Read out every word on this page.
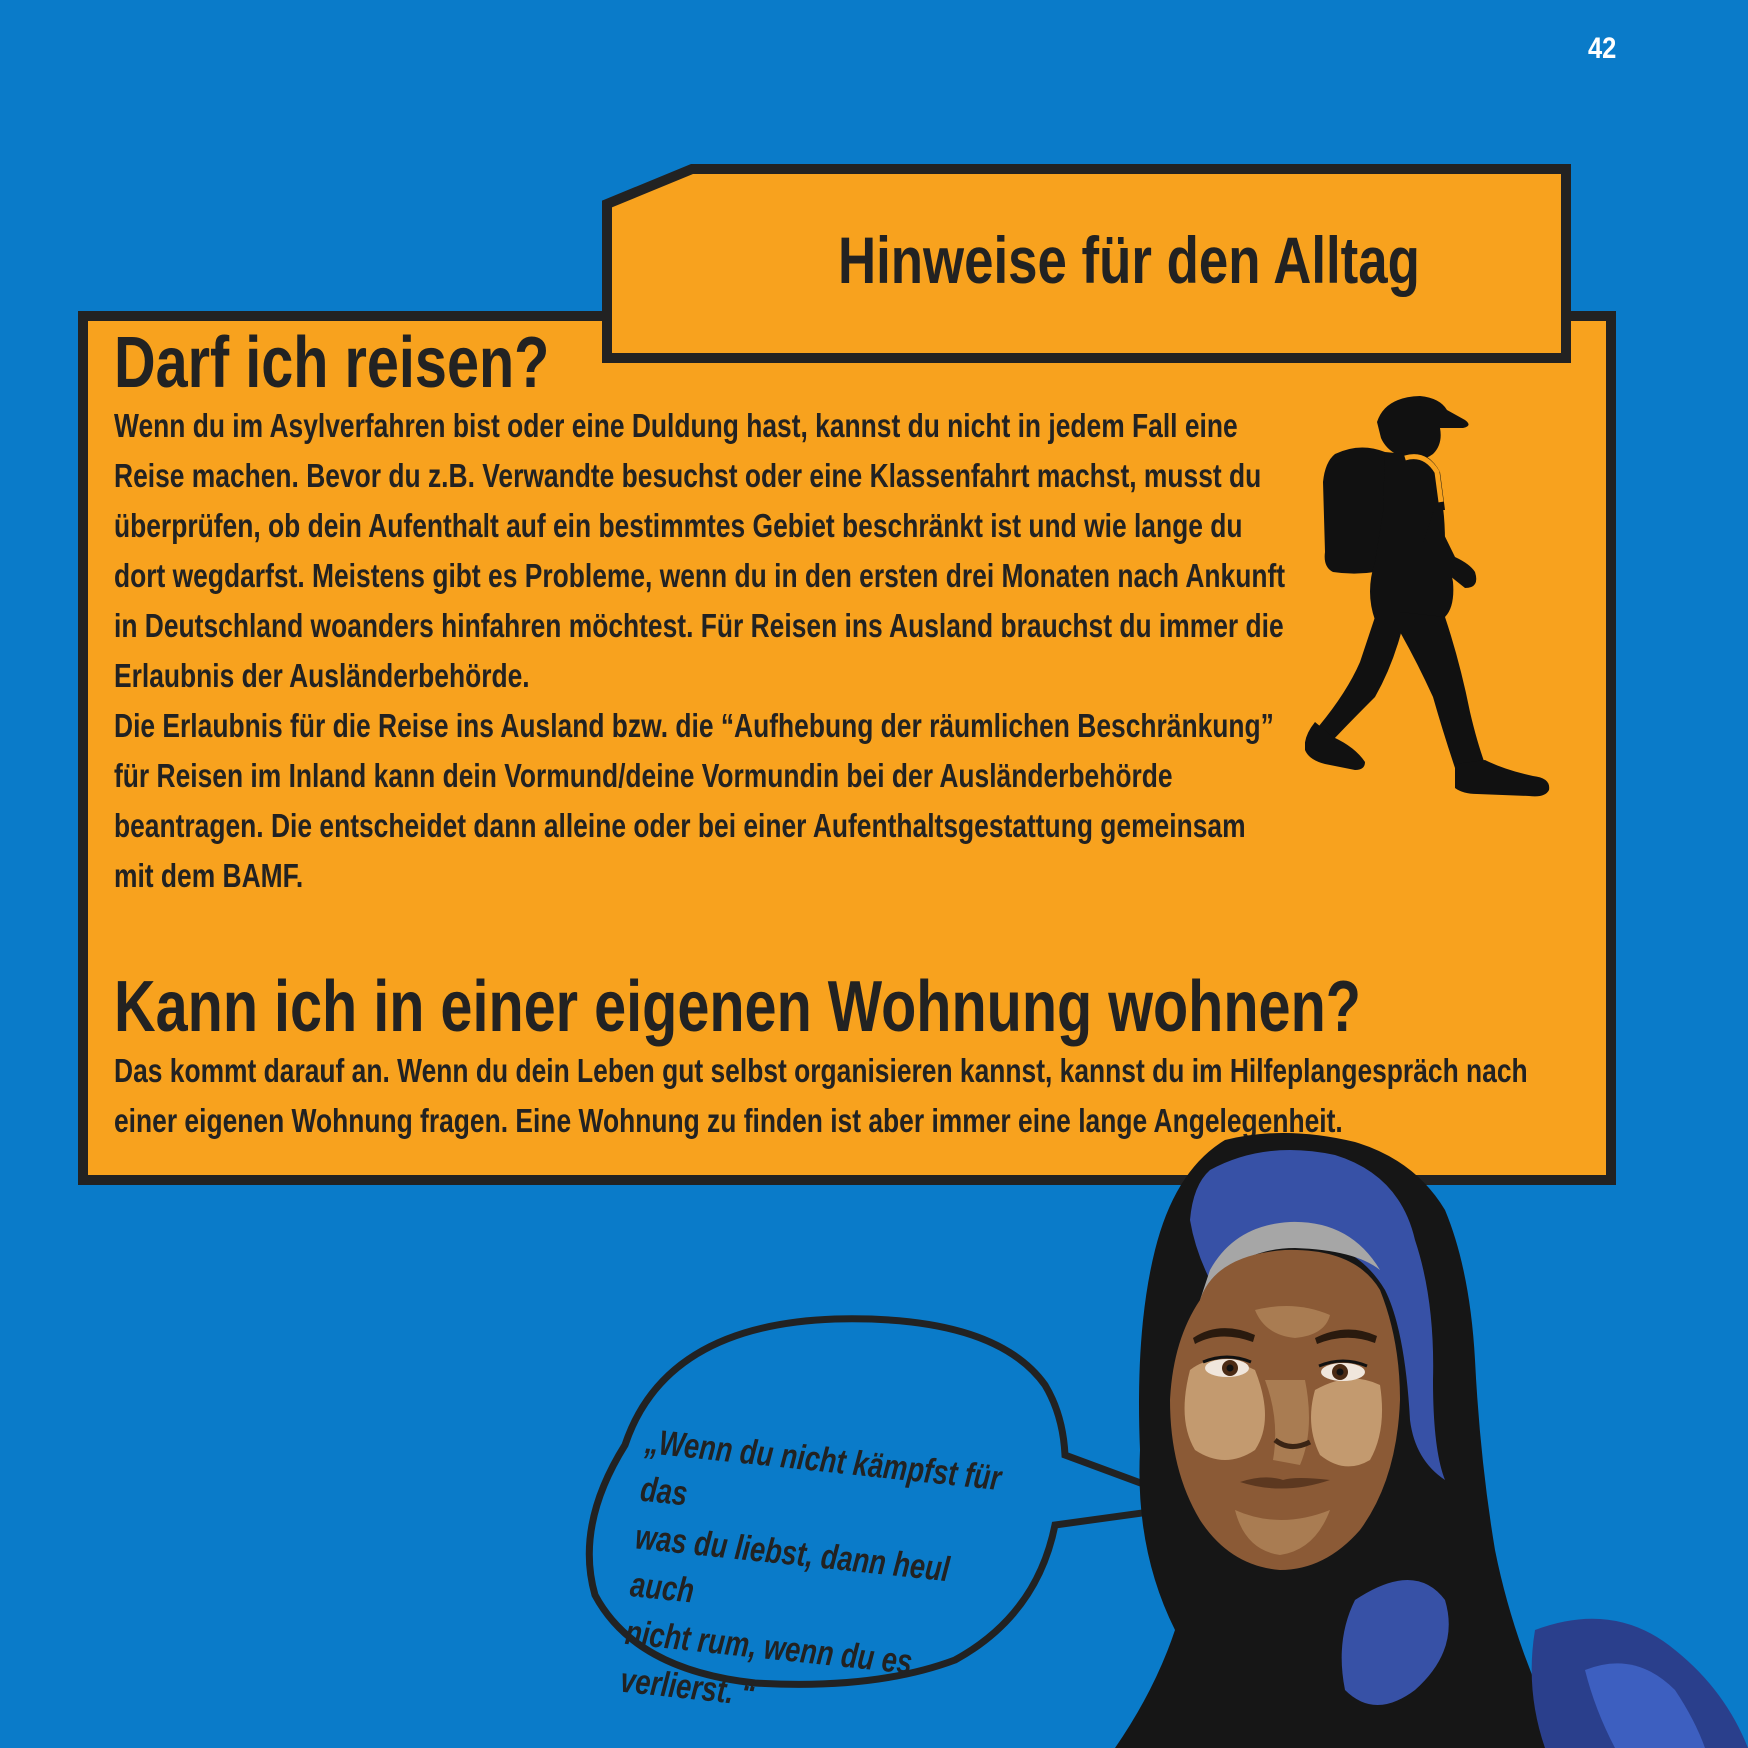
42
Hinweise für den Alltag
Darf ich reisen?
Wenn du im Asylverfahren bist oder eine Duldung hast, kannst du nicht in jedem Fall eine
Reise machen. Bevor du z.B. Verwandte besuchst oder eine Klassenfahrt machst, musst du
überprüfen, ob dein Aufenthalt auf ein bestimmtes Gebiet beschränkt ist und wie lange du
dort wegdarfst. Meistens gibt es Probleme, wenn du in den ersten drei Monaten nach Ankunft
in Deutschland woanders hinfahren möchtest. Für Reisen ins Ausland brauchst du immer die
Erlaubnis der Ausländerbehörde.
Die Erlaubnis für die Reise ins Ausland bzw. die “Aufhebung der räumlichen Beschränkung”
für Reisen im Inland kann dein Vormund/deine Vormundin bei der Ausländerbehörde
beantragen. Die entscheidet dann alleine oder bei einer Aufenthaltsgestattung gemeinsam
mit dem BAMF.
Kann ich in einer eigenen Wohnung wohnen?
Das kommt darauf an. Wenn du dein Leben gut selbst organisieren kannst, kannst du im Hilfeplangespräch nach
einer eigenen Wohnung fragen. Eine Wohnung zu finden ist aber immer eine lange Angelegenheit.
„Wenn du nicht kämpfst für das
was du liebst, dann heul auch
nicht rum, wenn du es verlierst. “
